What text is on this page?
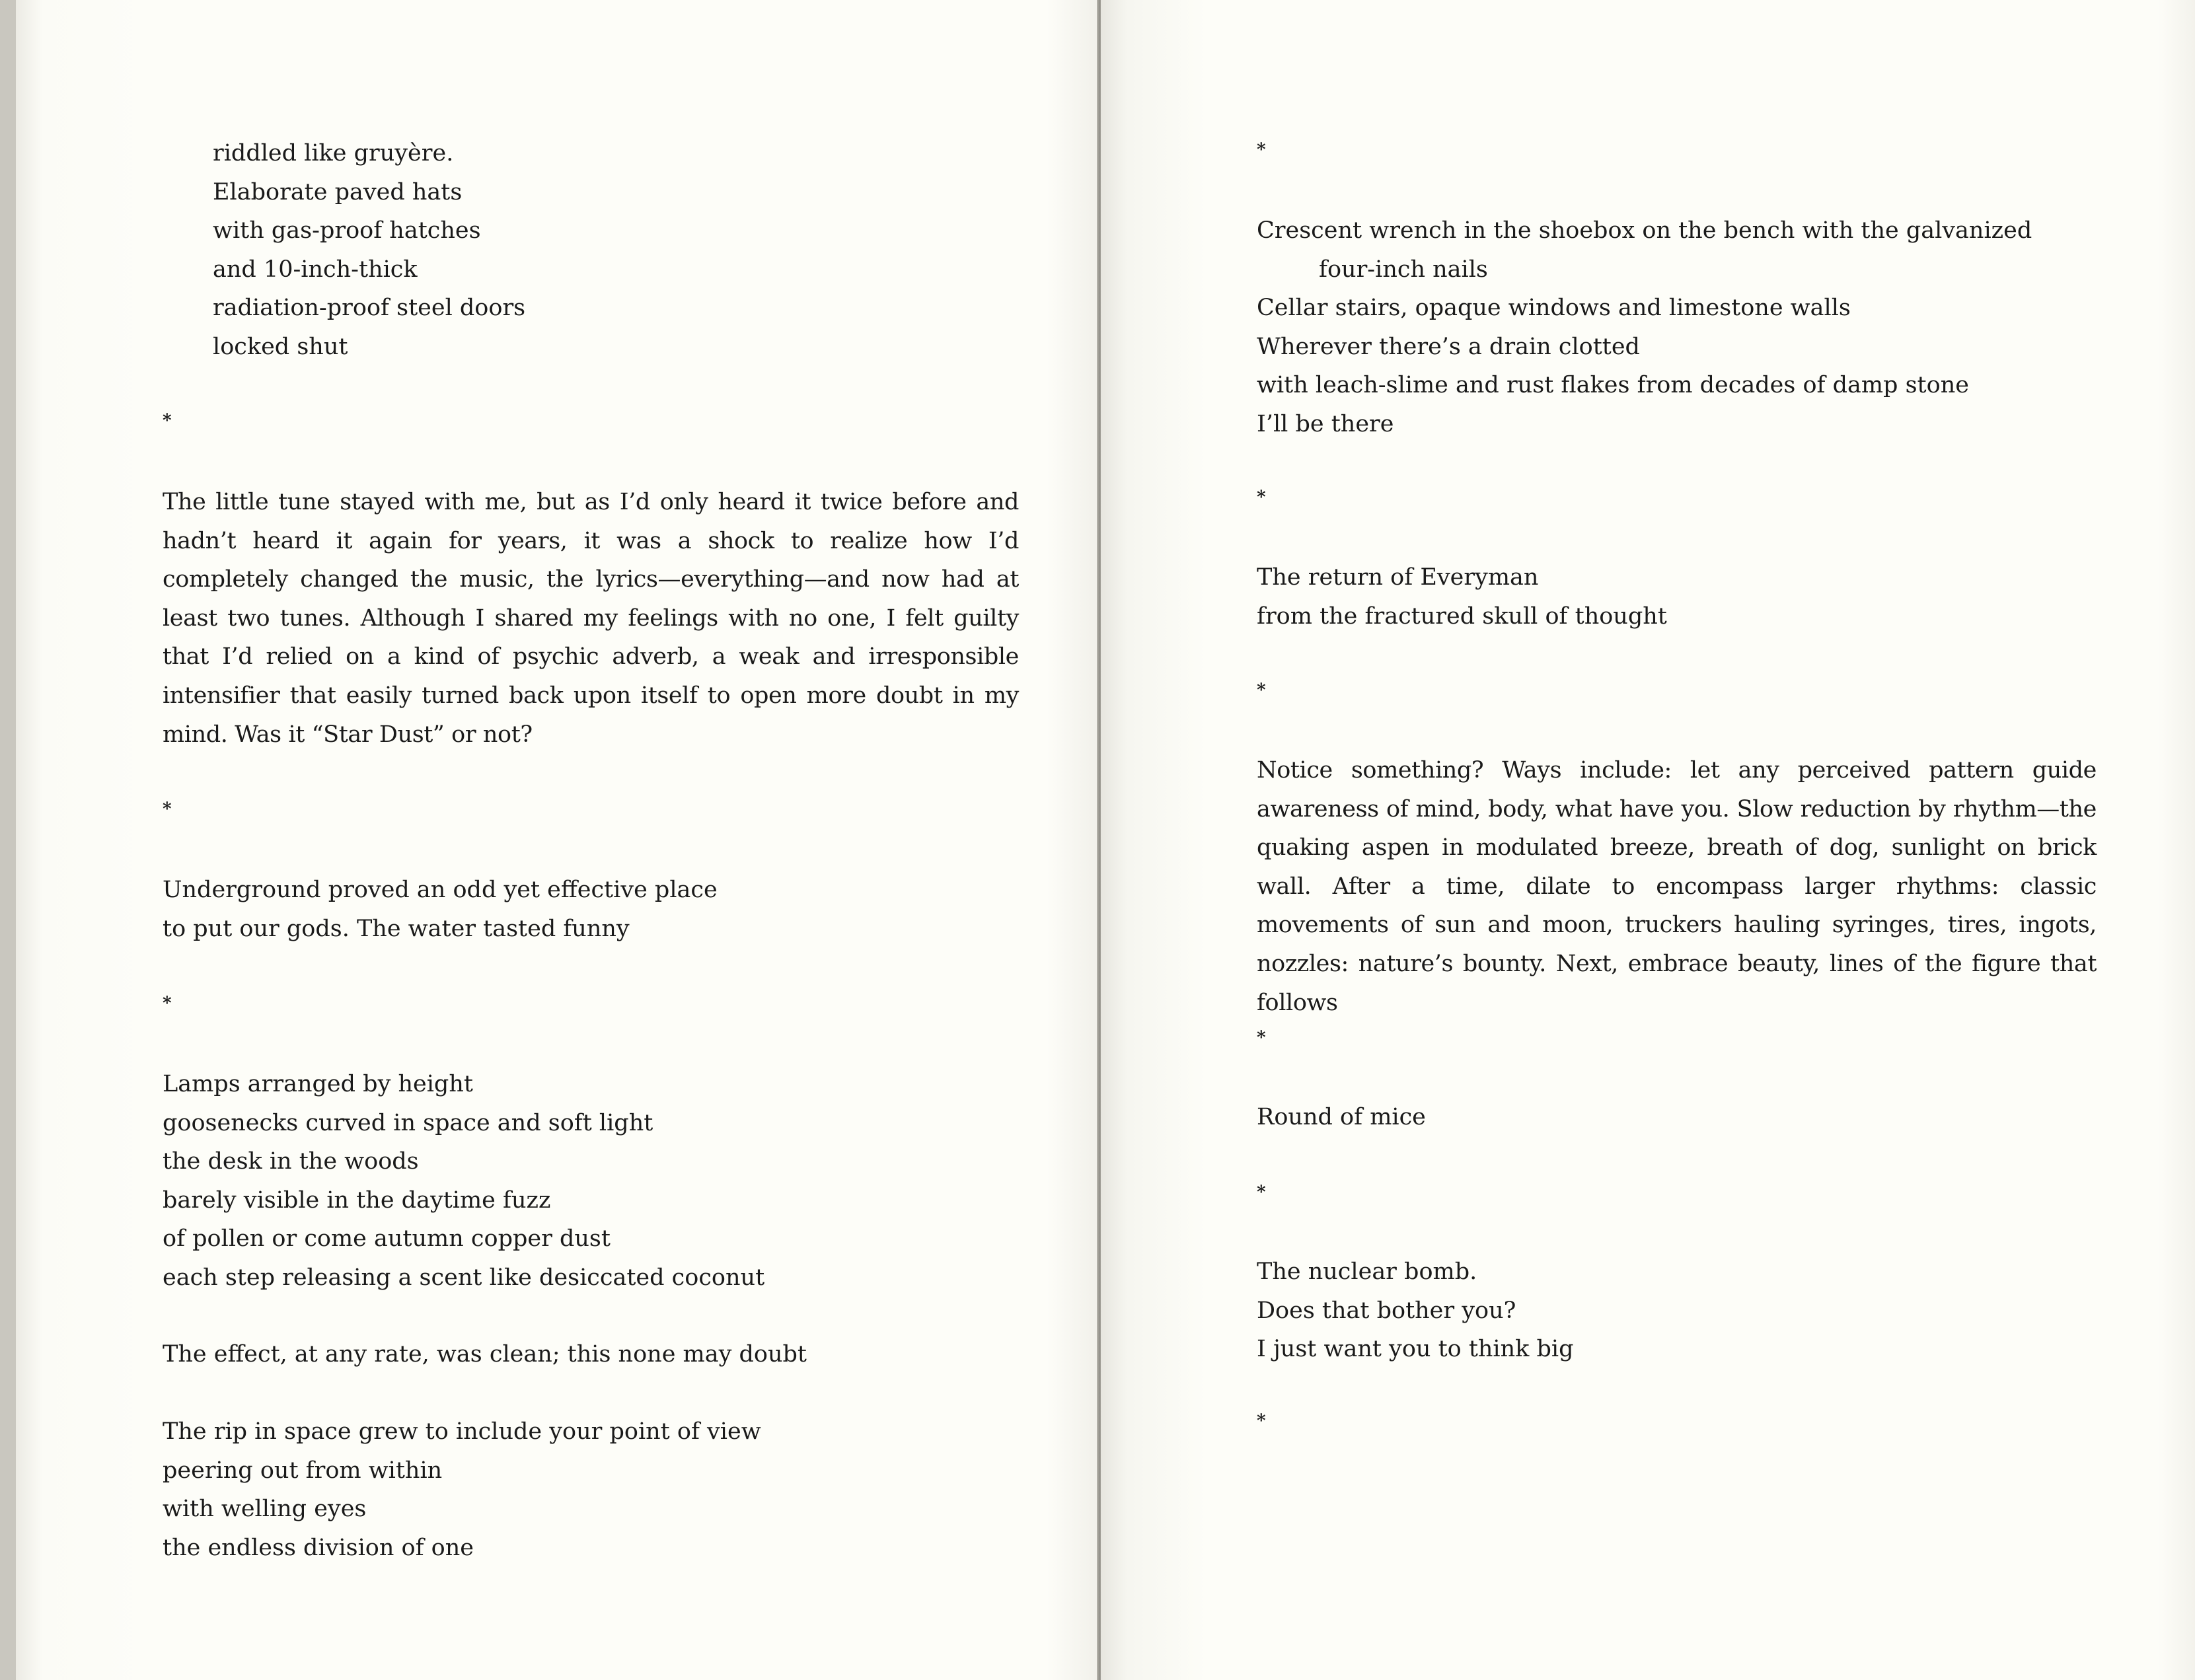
riddled like gruyère.
Elaborate paved hats
with gas-proof hatches
and 10-inch-thick
radiation-proof steel doors
locked shut
*
The little tune stayed with me, but as I’d only heard it twice before and hadn’t heard it again for years, it was a shock to realize how I’d completely changed the music, the lyrics—everything—and now had at least two tunes. Although I shared my feelings with no one, I felt guilty that I’d relied on a kind of psychic adverb, a weak and irresponsible intensifier that easily turned back upon itself to open more doubt in my mind. Was it “Star Dust” or not?
*
Underground proved an odd yet effective place
to put our gods. The water tasted funny
*
Lamps arranged by height
goosenecks curved in space and soft light
the desk in the woods
barely visible in the daytime fuzz
of pollen or come autumn copper dust
each step releasing a scent like desiccated coconut
The effect, at any rate, was clean; this none may doubt
The rip in space grew to include your point of view
peering out from within
with welling eyes
the endless division of one
*
Crescent wrench in the shoebox on the bench with the galvanized
four-inch nails
Cellar stairs, opaque windows and limestone walls
Wherever there’s a drain clotted
with leach-slime and rust flakes from decades of damp stone
I’ll be there
*
The return of Everyman
from the fractured skull of thought
*
Notice something? Ways include: let any perceived pattern guide awareness of mind, body, what have you. Slow reduction by rhythm—the quaking aspen in modulated breeze, breath of dog, sunlight on brick wall. After a time, dilate to encompass larger rhythms: classic movements of sun and moon, truckers hauling syringes, tires, ingots, nozzles: nature’s bounty. Next, embrace beauty, lines of the figure that follows
*
Round of mice
*
The nuclear bomb.
Does that bother you?
I just want you to think big
*
